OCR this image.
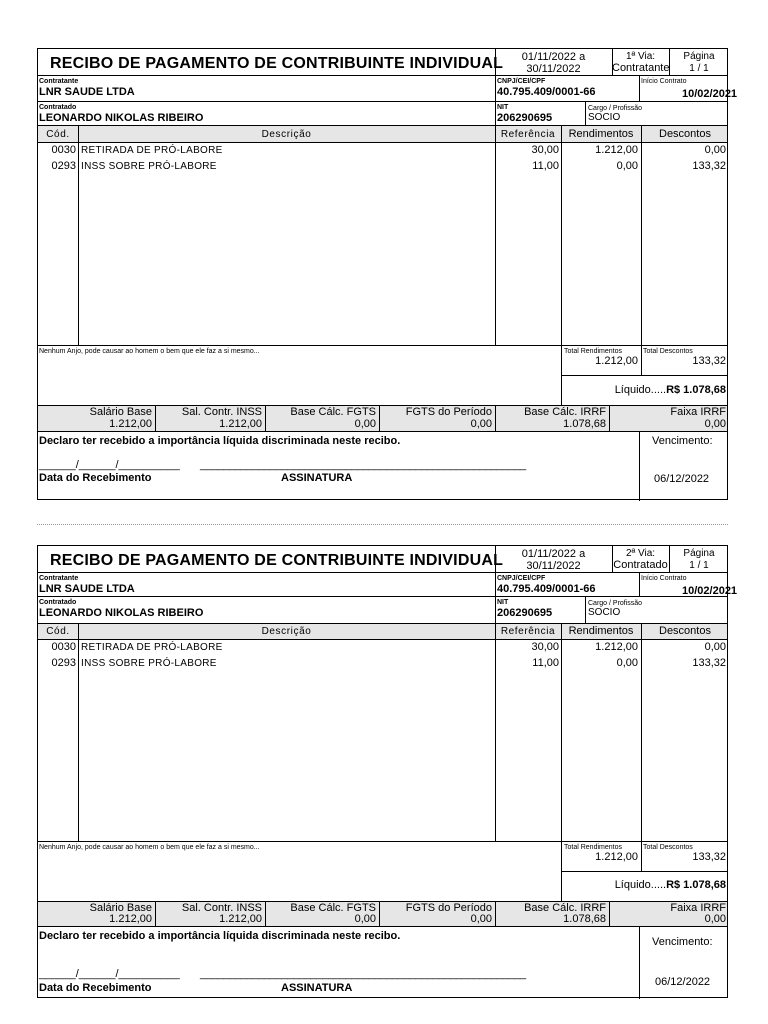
RECIBO DE PAGAMENTO DE CONTRIBUINTE INDIVIDUAL	01/11/2022 a
30/11/2022
1ª Via:
Contratante
Página
1 / 1
Contratante
LNR SAUDE LTDA
CNPJ/CEI/CPF
40.795.409/0001-66
Início Contrato
10/02/2021
Contratado
LEONARDO NIKOLAS RIBEIRO
NIT
206290695
Cargo / Profissão
SOCIO
Cód.	Descrição	Referência	Rendimentos	Descontos
0030 RETIRADA DE PRÓ-LABORE	30,00	1.212,00	0,00
0293 INSS SOBRE PRÓ-LABORE	11,00	0,00	133,32
Nenhum Anjo, pode causar ao homem o bem que ele faz a si mesmo...	Total Rendimentos
1.212,00
Total Descontos
133,32
Líquido.....R$ 1.078,68
Salário Base
1.212,00
Sal. Contr. INSS
1.212,00
Base Cálc. FGTS
0,00
FGTS do Período
0,00
Base Cálc. IRRF
1.078,68
Faixa IRRF
0,00
Declaro ter recebido a importância líquida discriminada neste recibo.	Vencimento:
06/12/2022
______/______/__________ ________________________________________________________
Data do Recebimento	ASSINATURA
RECIBO DE PAGAMENTO DE CONTRIBUINTE INDIVIDUAL	01/11/2022 a
30/11/2022
2ª Via:
Contratado
Página
1 / 1
Contratante
LNR SAUDE LTDA
CNPJ/CEI/CPF
40.795.409/0001-66
Início Contrato
10/02/2021
Contratado
LEONARDO NIKOLAS RIBEIRO
NIT
206290695
Cargo / Profissão
SOCIO
Cód.	Descrição	Referência	Rendimentos	Descontos
0030 RETIRADA DE PRÓ-LABORE	30,00	1.212,00	0,00
0293 INSS SOBRE PRÓ-LABORE	11,00	0,00	133,32
Nenhum Anjo, pode causar ao homem o bem que ele faz a si mesmo...	Total Rendimentos
1.212,00
Total Descontos
133,32
Líquido.....R$ 1.078,68
Salário Base
1.212,00
Sal. Contr. INSS
1.212,00
Base Cálc. FGTS
0,00
FGTS do Período
0,00
Base Cálc. IRRF
1.078,68
Faixa IRRF
0,00
Declaro ter recebido a importância líquida discriminada neste recibo.	Vencimento:
06/12/2022
______/______/__________ ________________________________________________________
Data do Recebimento	ASSINATURA
